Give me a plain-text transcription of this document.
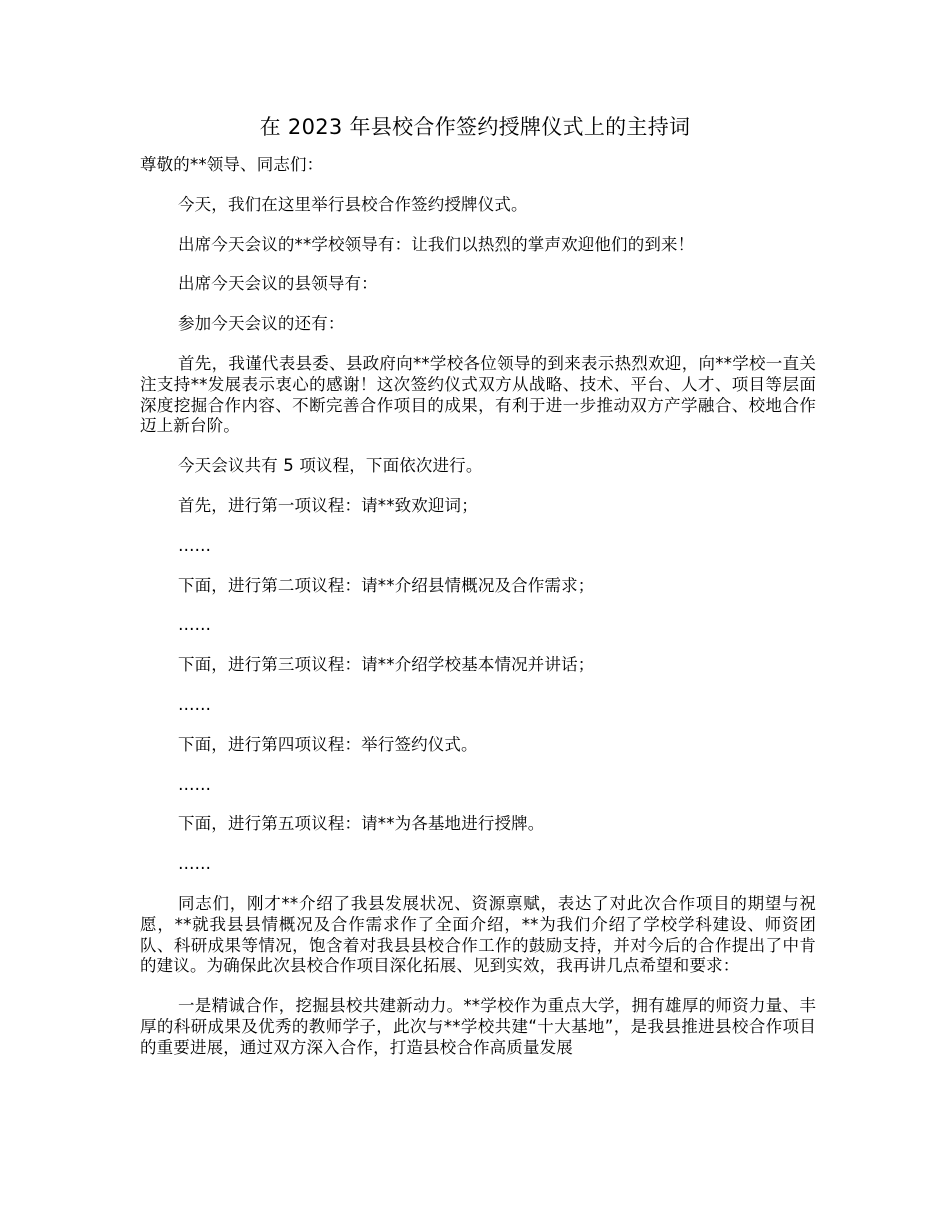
在 2023 年县校合作签约授牌仪式上的主持词

尊敬的**领导、同志们：

今天，我们在这里举行县校合作签约授牌仪式。

出席今天会议的**学校领导有：让我们以热烈的掌声欢迎他们的到来！

出席今天会议的县领导有：

参加今天会议的还有：

首先，我谨代表县委、县政府向**学校各位领导的到来表示热烈欢迎，向**学校一直关注支持**发展表示衷心的感谢！这次签约仪式双方从战略、技术、平台、人才、项目等层面深度挖掘合作内容、不断完善合作项目的成果，有利于进一步推动双方产学融合、校地合作迈上新台阶。

今天会议共有 5 项议程，下面依次进行。

首先，进行第一项议程：请**致欢迎词；

……

下面，进行第二项议程：请**介绍县情概况及合作需求；

……

下面，进行第三项议程：请**介绍学校基本情况并讲话；

……

下面，进行第四项议程：举行签约仪式。

……

下面，进行第五项议程：请**为各基地进行授牌。

……

同志们，刚才**介绍了我县发展状况、资源禀赋，表达了对此次合作项目的期望与祝愿，**就我县县情概况及合作需求作了全面介绍，**为我们介绍了学校学科建设、师资团队、科研成果等情况，饱含着对我县县校合作工作的鼓励支持，并对今后的合作提出了中肯的建议。为确保此次县校合作项目深化拓展、见到实效，我再讲几点希望和要求：

一是精诚合作，挖掘县校共建新动力。**学校作为重点大学，拥有雄厚的师资力量、丰厚的科研成果及优秀的教师学子，此次与**学校共建“十大基地”，是我县推进县校合作项目的重要进展，通过双方深入合作，打造县校合作高质量发展
